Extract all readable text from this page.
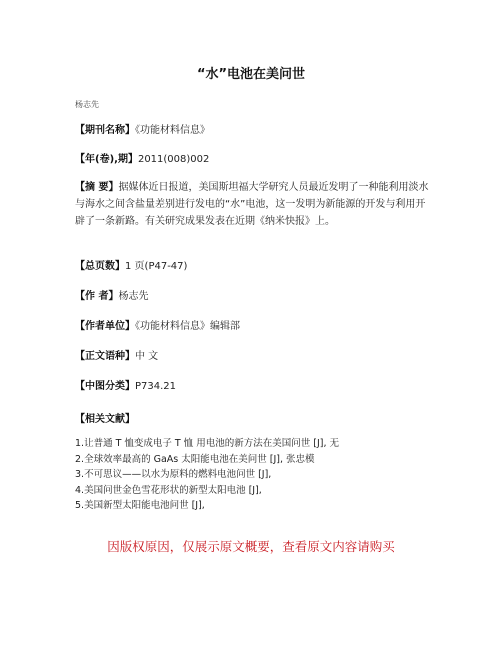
“水”电池在美问世
杨志先
【期刊名称】《功能材料信息》
【年(卷),期】2011(008)002
【摘 要】据媒体近日报道，美国斯坦福大学研究人员最近发明了一种能利用淡水
与海水之间含盐量差别进行发电的“水”电池，这一发明为新能源的开发与利用开
辟了一条新路。有关研究成果发表在近期《纳米快报》上。
【总页数】1 页(P47-47)
【作 者】杨志先
【作者单位】《功能材料信息》编辑部
【正文语种】中 文
【中图分类】P734.21
【相关文献】
1.让普通 T 恤变成电子 T 恤 用电池的新方法在美国问世 [J], 无
2.全球效率最高的 GaAs 太阳能电池在美问世 [J], 张忠模
3.不可思议——以水为原料的燃料电池问世 [J],
4.美国问世金色雪花形状的新型太阳电池 [J],
5.美国新型太阳能电池问世 [J],
因版权原因，仅展示原文概要，查看原文内容请购买
